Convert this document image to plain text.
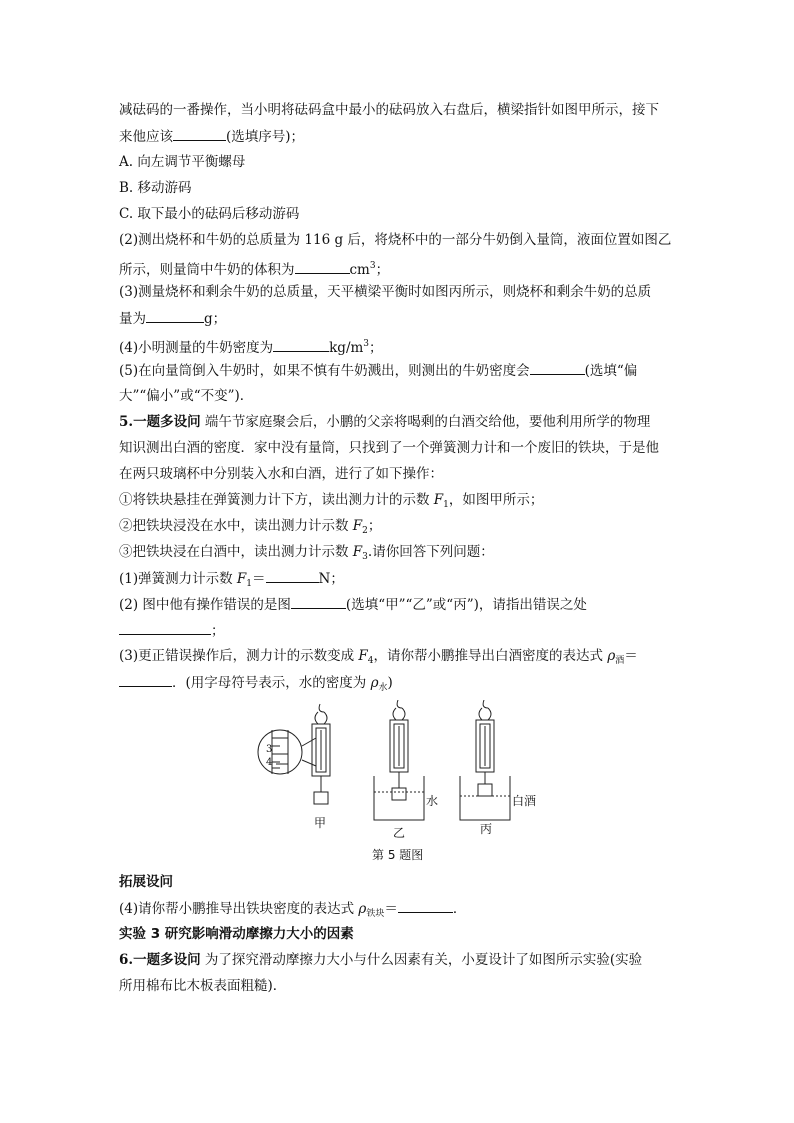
减砝码的一番操作，当小明将砝码盒中最小的砝码放入右盘后，横梁指针如图甲所示，接下
来他应该	(选填序号)；
A. 向左调节平衡螺母
B. 移动游码
C. 取下最小的砝码后移动游码
(2)测出烧杯和牛奶的总质量为 116 g 后，将烧杯中的一部分牛奶倒入量筒，液面位置如图乙
所示，则量筒中牛奶的体积为	$cm^3$；
(3)测量烧杯和剩余牛奶的总质量，天平横梁平衡时如图丙所示，则烧杯和剩余牛奶的总质
量为	g；
(4)小明测量的牛奶密度为	$kg/m^3$；
(5)在向量筒倒入牛奶时，如果不慎有牛奶溅出，则测出的牛奶密度会	(选填“偏
大”“偏小”或“不变”)．
5.一题多设问 端午节家庭聚会后，小鹏的父亲将喝剩的白酒交给他，要他利用所学的物理
知识测出白酒的密度．家中没有量筒，只找到了一个弹簧测力计和一个废旧的铁块，于是他
在两只玻璃杯中分别装入水和白酒，进行了如下操作：
①将铁块悬挂在弹簧测力计下方，读出测力计的示数 $F_1$，如图甲所示；
②把铁块浸没在水中，读出测力计示数 $F_2$；
③把铁块浸在白酒中，读出测力计示数 $F_3$.请你回答下列问题：
(1)弹簧测力计示数 $F_1=$	N；
(2) 图中他有操作错误的是图	(选填“甲”“乙”或“丙”)，请指出错误之处
；
(3)更正错误操作后，测力计的示数变成 $F_4$，请你帮小鹏推导出白酒密度的表达式 $\rho_酒=$
．(用字母符号表示，水的密度为 $\rho_水$)
3
4
甲
乙	丙
水	白酒
第 5 题图
拓展设问
(4)请你帮小鹏推导出铁块密度的表达式 $\rho_{铁块}=$	．
实验 3 研究影响滑动摩擦力大小的因素
6.一题多设问 为了探究滑动摩擦力大小与什么因素有关，小夏设计了如图所示实验(实验
所用棉布比木板表面粗糙)．
